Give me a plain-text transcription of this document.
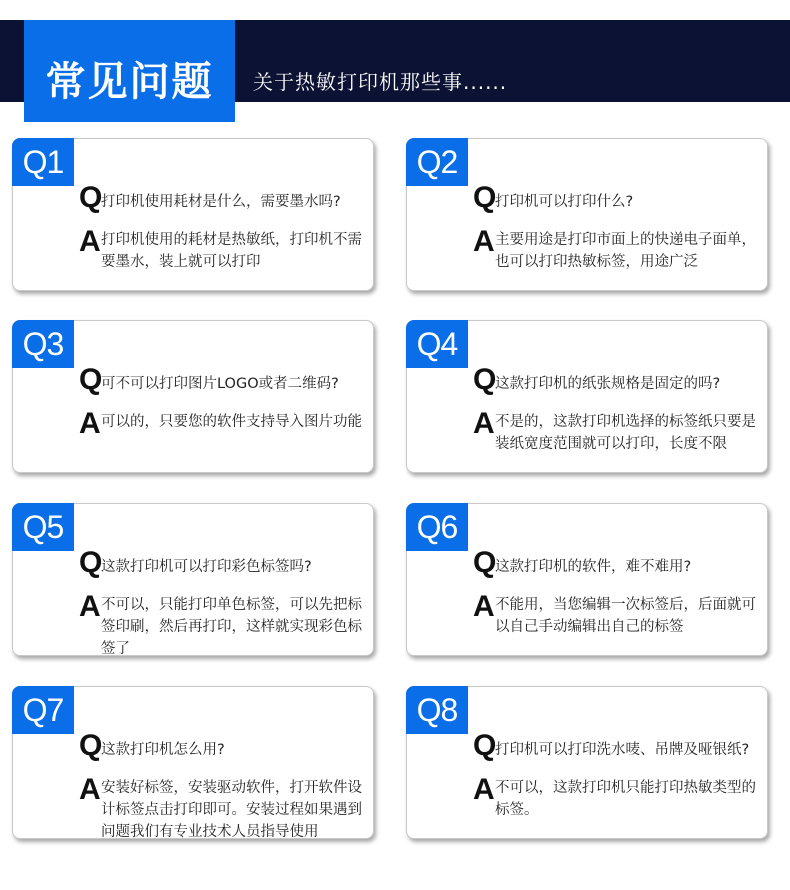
常见问题 关于热敏打印机那些事......
Q1
Q
打印机使用耗材是什么，需要墨水吗?
A 打印机使用的耗材是热敏纸，打印机不需要墨水，装上就可以打印
Q2
Q
打印机可以打印什么?
A 主要用途是打印市面上的快递电子面单，也可以打印热敏标签，用途广泛
Q3
Q
可不可以打印图片LOGO或者二维码?
A 可以的，只要您的软件支持导入图片功能
Q4
Q
这款打印机的纸张规格是固定的吗?
A 不是的，这款打印机选择的标签纸只要是装纸宽度范围就可以打印，长度不限
Q5
Q
这款打印机可以打印彩色标签吗?
A 不可以，只能打印单色标签，可以先把标签印刷，然后再打印，这样就实现彩色标签了
Q6
Q
这款打印机的软件，难不难用?
A 不能用，当您编辑一次标签后，后面就可以自己手动编辑出自己的标签
Q7
Q
这款打印机怎么用?
A 安装好标签，安装驱动软件，打开软件设计标签点击打印即可。安装过程如果遇到问题我们有专业技术人员指导使用
Q8
Q
打印机可以打印洗水唛、吊牌及哑银纸?
A 不可以，这款打印机只能打印热敏类型的标签。
